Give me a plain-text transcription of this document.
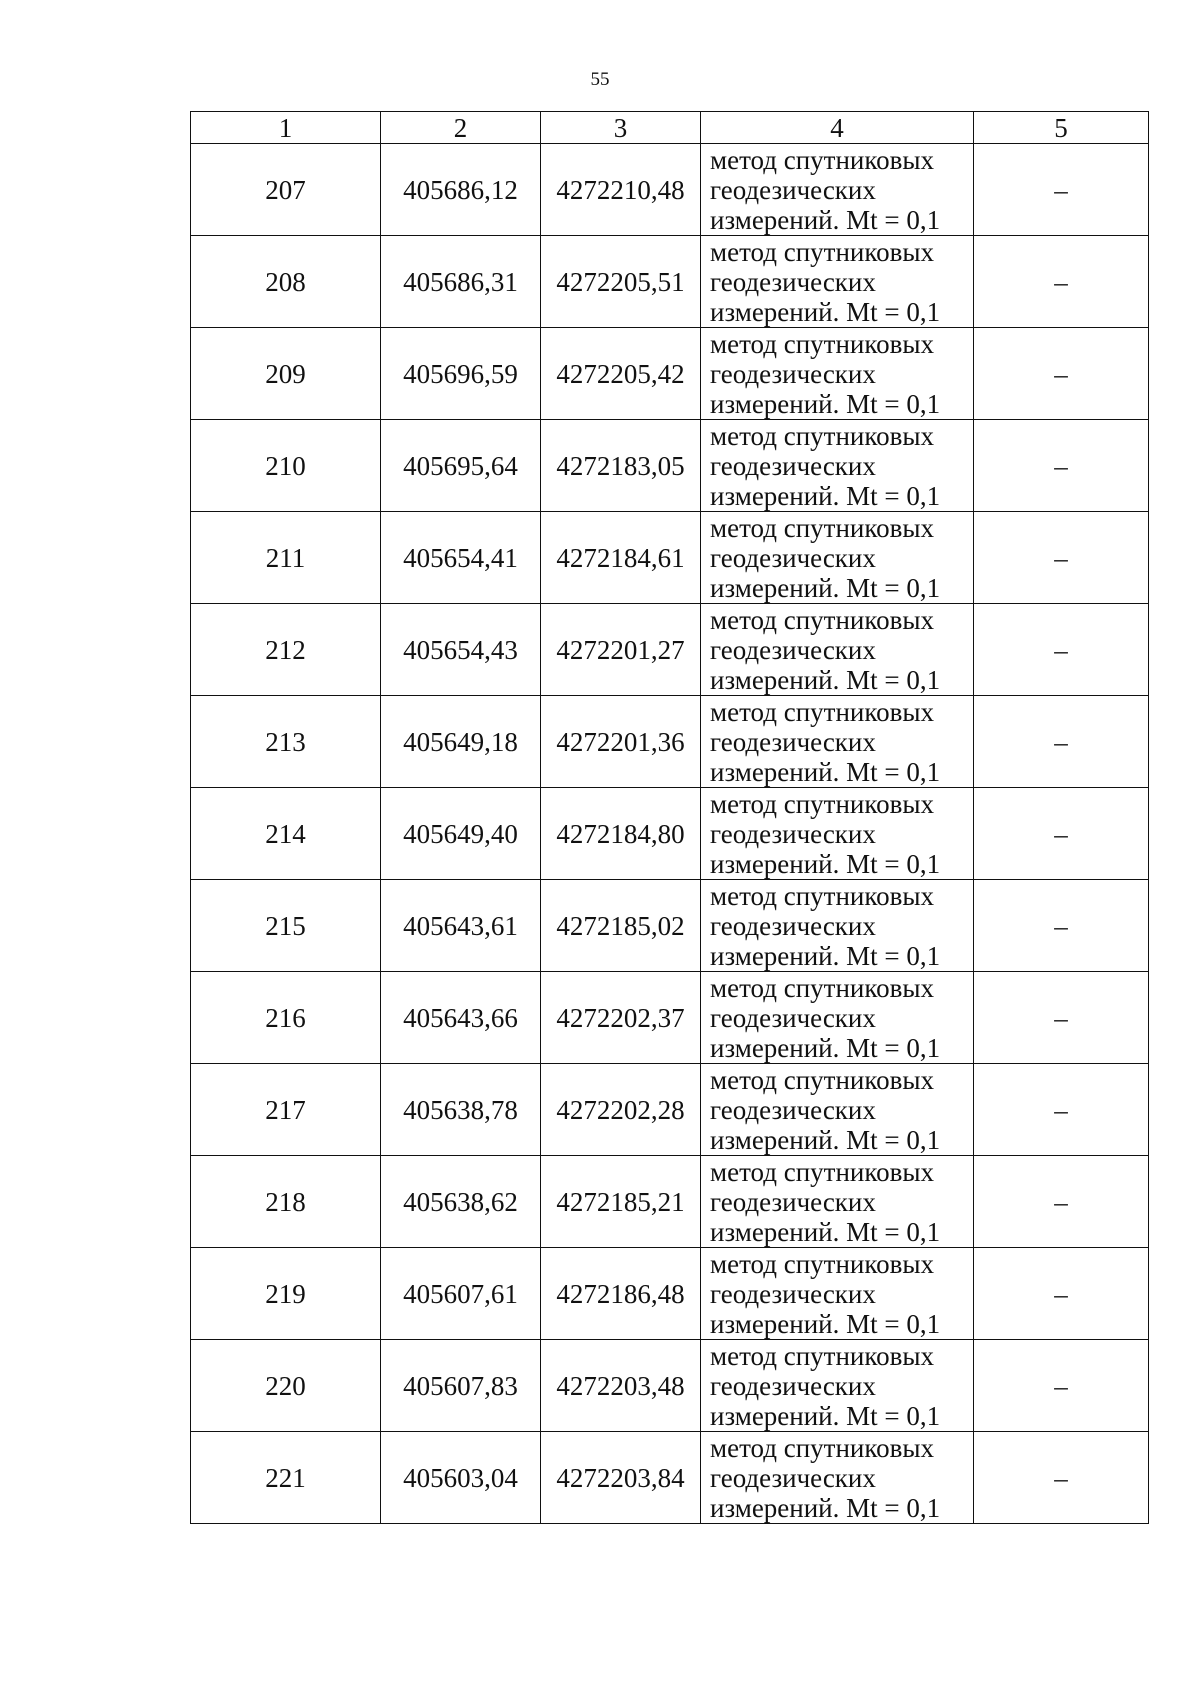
55
1	2	3	4	5
207	405686,12	4272210,48	метод спутниковых
геодезических
измерений. Mt = 0,1	–
208	405686,31	4272205,51	метод спутниковых
геодезических
измерений. Mt = 0,1	–
209	405696,59	4272205,42	метод спутниковых
геодезических
измерений. Mt = 0,1	–
210	405695,64	4272183,05	метод спутниковых
геодезических
измерений. Mt = 0,1	–
211	405654,41	4272184,61	метод спутниковых
геодезических
измерений. Mt = 0,1	–
212	405654,43	4272201,27	метод спутниковых
геодезических
измерений. Mt = 0,1	–
213	405649,18	4272201,36	метод спутниковых
геодезических
измерений. Mt = 0,1	–
214	405649,40	4272184,80	метод спутниковых
геодезических
измерений. Mt = 0,1	–
215	405643,61	4272185,02	метод спутниковых
геодезических
измерений. Mt = 0,1	–
216	405643,66	4272202,37	метод спутниковых
геодезических
измерений. Mt = 0,1	–
217	405638,78	4272202,28	метод спутниковых
геодезических
измерений. Mt = 0,1	–
218	405638,62	4272185,21	метод спутниковых
геодезических
измерений. Mt = 0,1	–
219	405607,61	4272186,48	метод спутниковых
геодезических
измерений. Mt = 0,1	–
220	405607,83	4272203,48	метод спутниковых
геодезических
измерений. Mt = 0,1	–
221	405603,04	4272203,84	метод спутниковых
геодезических
измерений. Mt = 0,1	–
